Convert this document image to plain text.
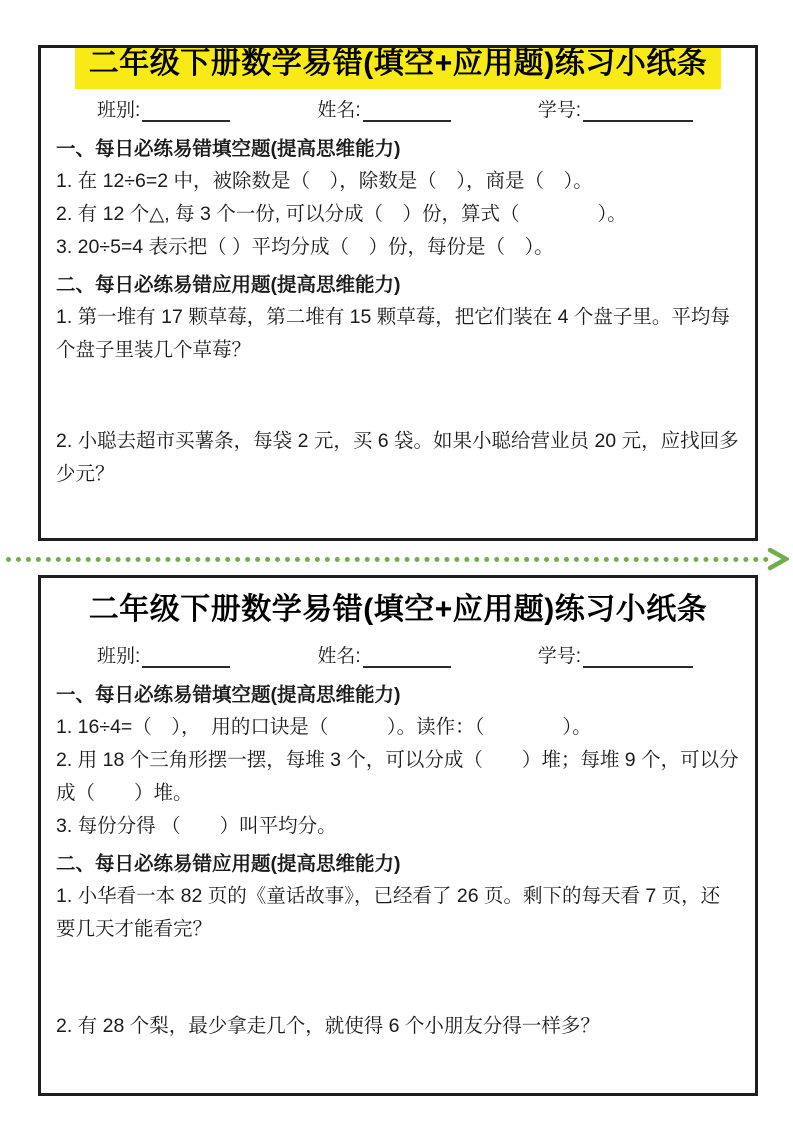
二年级下册数学易错(填空+应用题)练习小纸条
班别:	姓名:	学号:
一、每日必练易错填空题(提高思维能力)
1. 在 12÷6=2 中，被除数是（　），除数是（　），商是（　）。
2. 有 12 个△, 每 3 个一份, 可以分成（　）份，算式（　　　　）。
3. 20÷5=4 表示把（ ）平均分成（　）份，每份是（　）。
二、每日必练易错应用题(提高思维能力)
1. 第一堆有 17 颗草莓，第二堆有 15 颗草莓，把它们装在 4 个盘子里。平均每个盘子里装几个草莓？
2. 小聪去超市买薯条，每袋 2 元，买 6 袋。如果小聪给营业员 20 元，应找回多少元？
二年级下册数学易错(填空+应用题)练习小纸条
班别:	姓名:	学号:
一、每日必练易错填空题(提高思维能力)
1. 16÷4=（　），  用的口诀是（　　　）。读作：（　　　　）。
2. 用 18 个三角形摆一摆，每堆 3 个，可以分成（　　）堆；每堆 9 个，可以分成（　　）堆。
3. 每份分得 （　　）叫平均分。
二、每日必练易错应用题(提高思维能力)
1. 小华看一本 82 页的《童话故事》，已经看了 26 页。剩下的每天看 7 页，还要几天才能看完？
2. 有 28 个梨，最少拿走几个，就使得 6 个小朋友分得一样多？
